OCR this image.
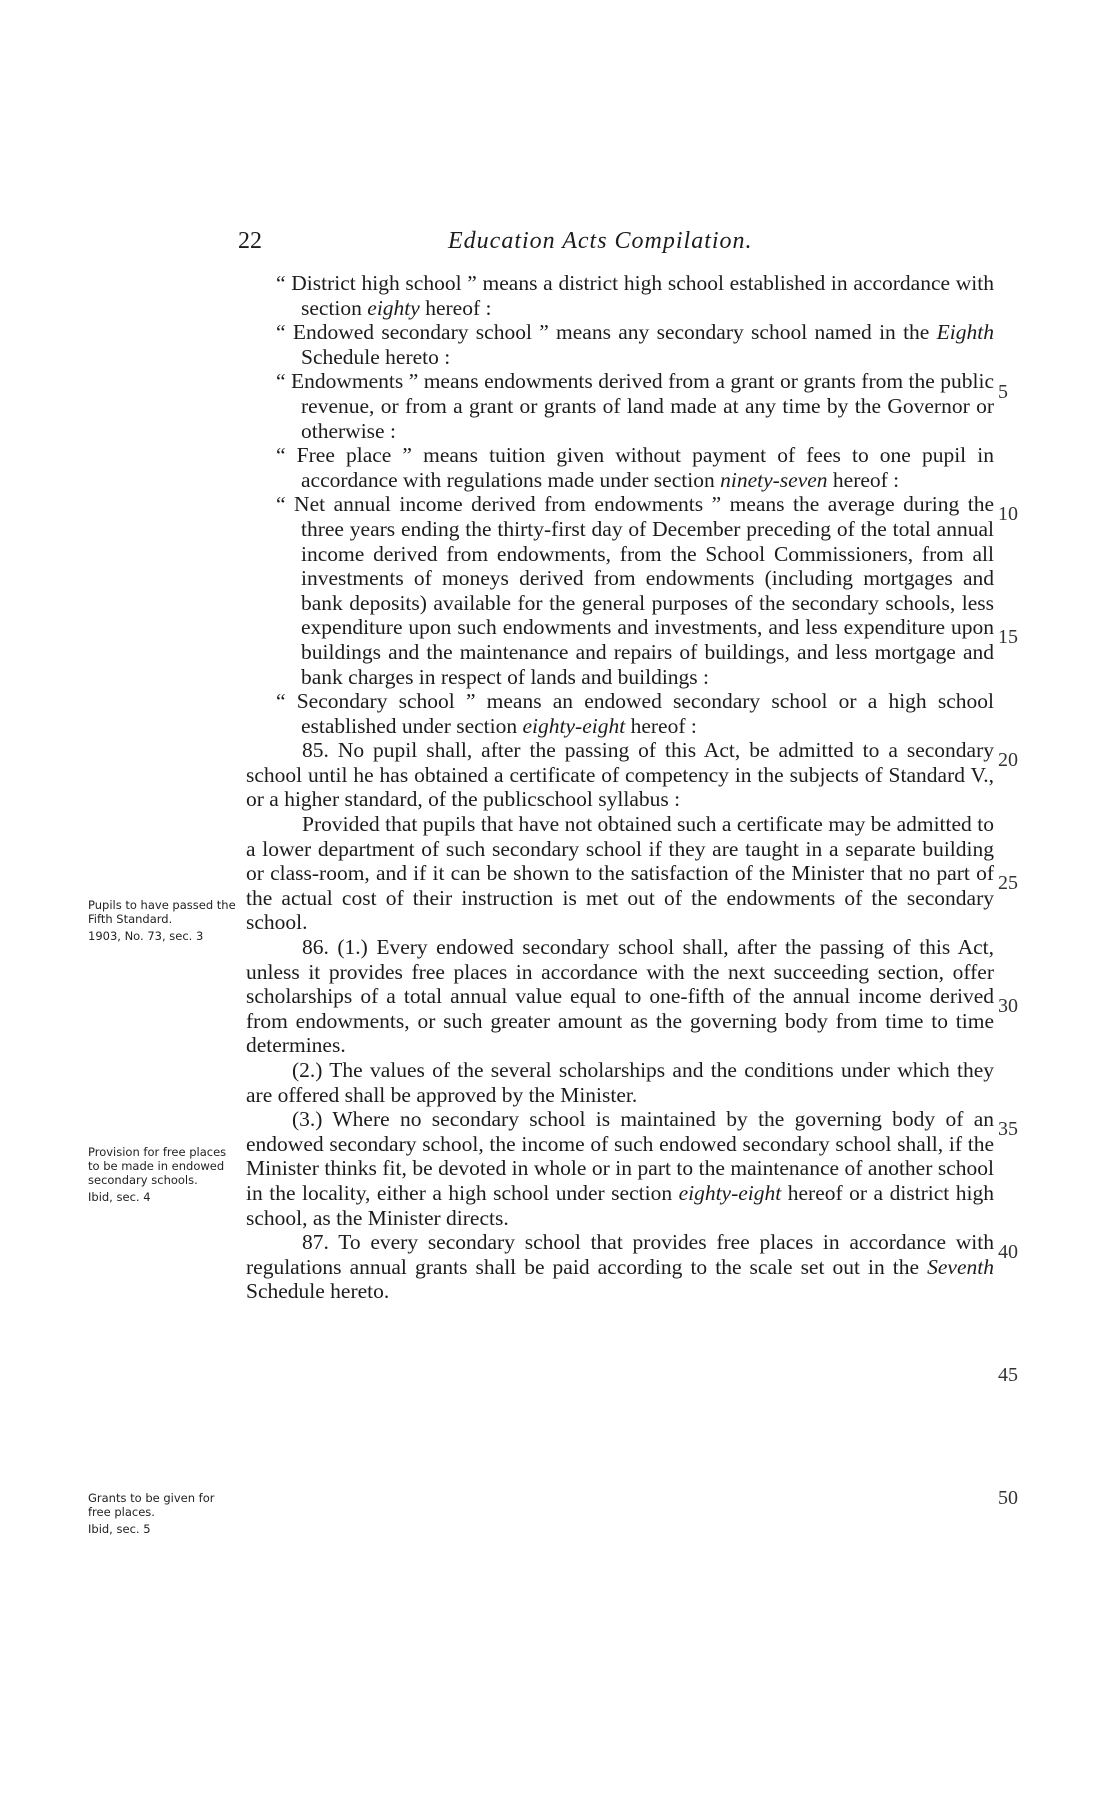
22	Education Acts Compilation.

“ District high school ” means a district high school established in accordance with section eighty hereof :

“ Endowed secondary school ” means any secondary school named in the Eighth Schedule hereto :

“ Endowments ” means endowments derived from a grant or grants from the public revenue, or from a grant or grants of land made at any time by the Governor or otherwise :

“ Free place ” means tuition given without payment of fees to one pupil in accordance with regulations made under section ninety-seven hereof :

“ Net annual income derived from endowments ” means the average during the three years ending the thirty-first day of December preceding of the total annual income derived from endowments, from the School Commissioners, from all investments of moneys derived from endowments (including mortgages and bank deposits) available for the general purposes of the secondary schools, less expenditure upon such endowments and investments, and less expenditure upon buildings and the maintenance and repairs of buildings, and less mortgage and bank charges in respect of lands and buildings :

“ Secondary school ” means an endowed secondary school or a high school established under section eighty-eight hereof :

85. No pupil shall, after the passing of this Act, be admitted to a secondary school until he has obtained a certificate of competency in the subjects of Standard V., or a higher standard, of the publicschool syllabus :

Provided that pupils that have not obtained such a certificate may be admitted to a lower department of such secondary school if they are taught in a separate building or class-room, and if it can be shown to the satisfaction of the Minister that no part of the actual cost of their instruction is met out of the endowments of the secondary school.

86. (1.) Every endowed secondary school shall, after the passing of this Act, unless it provides free places in accordance with the next succeeding section, offer scholarships of a total annual value equal to one-fifth of the annual income derived from endowments, or such greater amount as the governing body from time to time determines.

(2.) The values of the several scholarships and the conditions under which they are offered shall be approved by the Minister.

(3.) Where no secondary school is maintained by the governing body of an endowed secondary school, the income of such endowed secondary school shall, if the Minister thinks fit, be devoted in whole or in part to the maintenance of another school in the locality, either a high school under section eighty-eight hereof or a district high school, as the Minister directs.

87. To every secondary school that provides free places in accordance with regulations annual grants shall be paid according to the scale set out in the Seventh Schedule hereto.

Pupils to have passed the Fifth Standard.
1903, No. 73, sec. 3
Provision for free places to be made in endowed secondary schools.
Ibid, sec. 4
Grants to be given for free places.
Ibid, sec. 5
5
10
15
20
25
30
35
40
45
50
